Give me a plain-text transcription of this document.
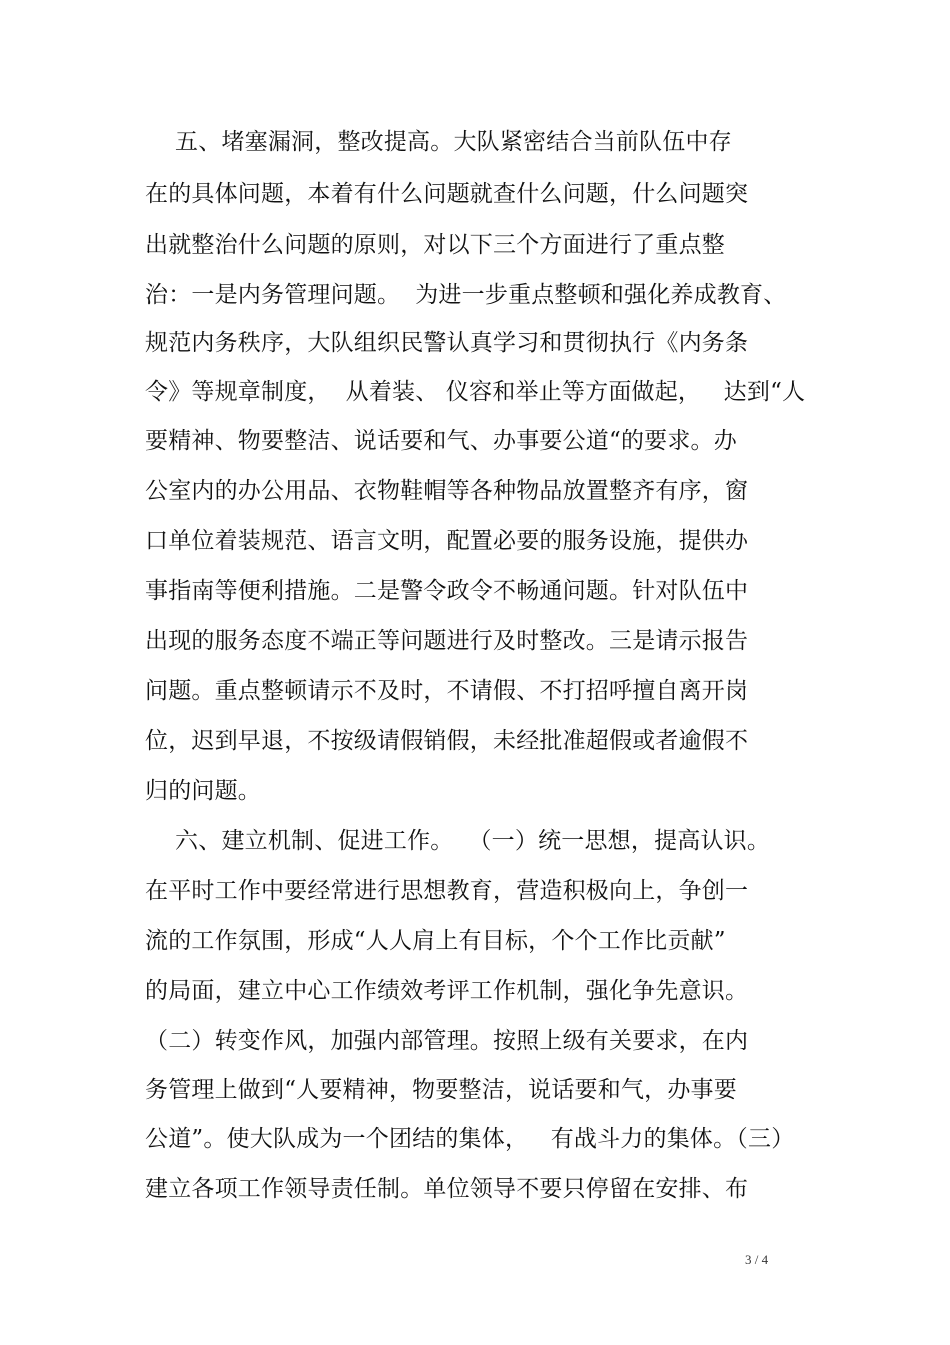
五、堵塞漏洞，整改提高。大队紧密结合当前队伍中存
在的具体问题，本着有什么问题就查什么问题，什么问题突
出就整治什么问题的原则，对以下三个方面进行了重点整
治：一是内务管理问题。  为进一步重点整顿和强化养成教育、
规范内务秩序，大队组织民警认真学习和贯彻执行《内务条
令》等规章制度，  从着装、 仪容和举止等方面做起，   达到“人
要精神、物要整洁、说话要和气、办事要公道“的要求。办
公室内的办公用品、衣物鞋帽等各种物品放置整齐有序，窗
口单位着装规范、语言文明，配置必要的服务设施，提供办
事指南等便利措施。二是警令政令不畅通问题。针对队伍中
出现的服务态度不端正等问题进行及时整改。三是请示报告
问题。重点整顿请示不及时，不请假、不打招呼擅自离开岗
位，迟到早退，不按级请假销假，未经批准超假或者逾假不
归的问题。
六、建立机制、促进工作。  （一）统一思想，提高认识。
在平时工作中要经常进行思想教育，营造积极向上，争创一
流的工作氛围，形成“人人肩上有目标，个个工作比贡献”
的局面，建立中心工作绩效考评工作机制，强化争先意识。
（二）转变作风，加强内部管理。按照上级有关要求，在内
务管理上做到“人要精神，物要整洁，说话要和气，办事要
公道”。使大队成为一个团结的集体，   有战斗力的集体。（三）
建立各项工作领导责任制。单位领导不要只停留在安排、布
3 / 4
